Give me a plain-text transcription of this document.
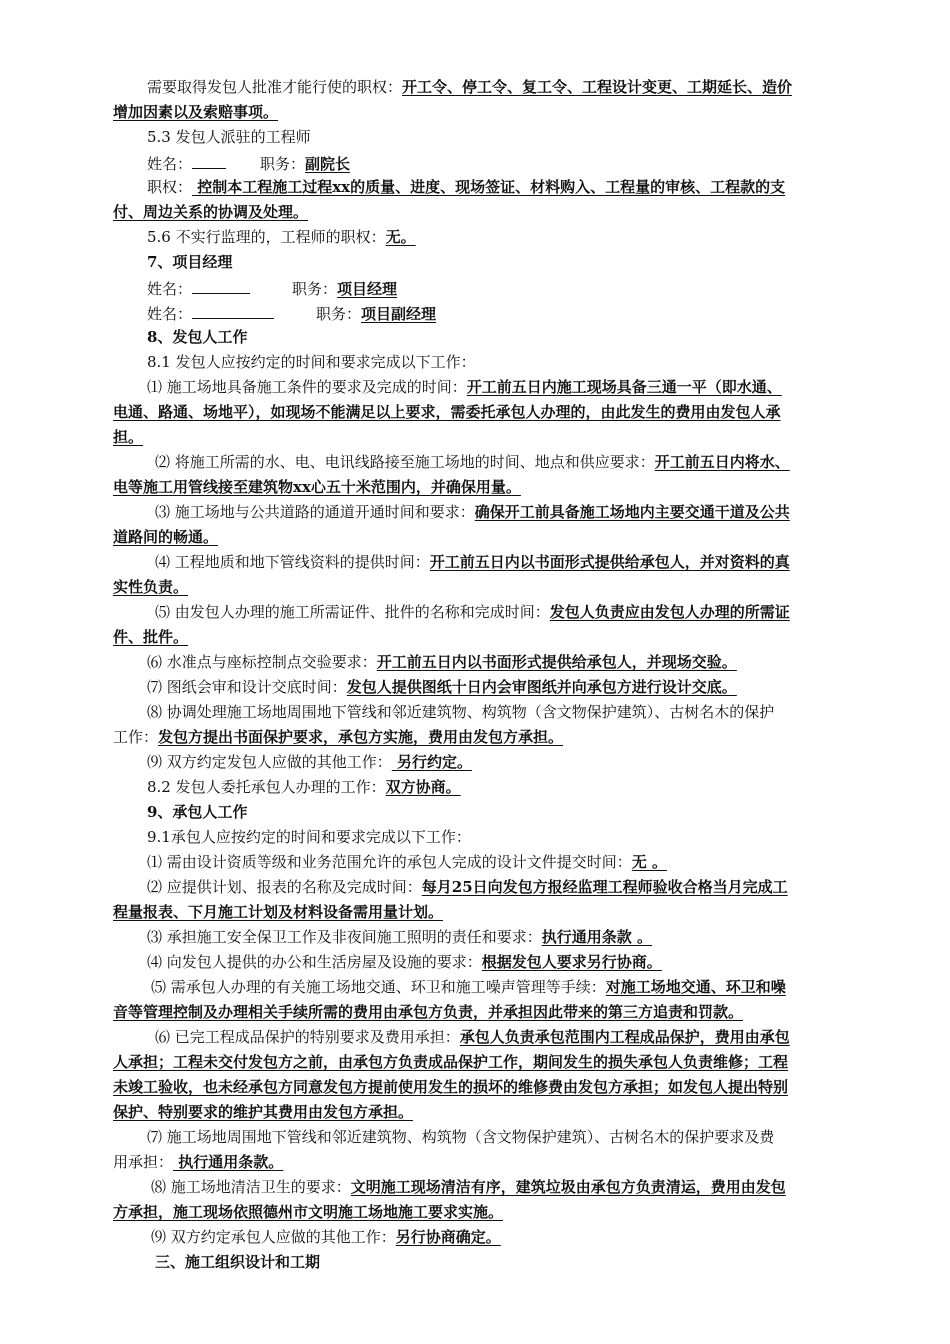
需要取得发包人批准才能行使的职权：开工令、停工令、复工令、工程设计变更、工期延长、造价
增加因素以及索赔事项。
5.3 发包人派驻的工程师
姓名：	职务：副院长
职权： 控制本工程施工过程xx的质量、进度、现场签证、材料购入、工程量的审核、工程款的支
付、周边关系的协调及处理。
5.6 不实行监理的，工程师的职权：无。
7、项目经理
姓名：	职务：项目经理
姓名：	职务：项目副经理
8、发包人工作
8.1 发包人应按约定的时间和要求完成以下工作：
⑴ 施工场地具备施工条件的要求及完成的时间：开工前五日内施工现场具备三通一平（即水通、
电通、路通、场地平），如现场不能满足以上要求，需委托承包人办理的，由此发生的费用由发包人承
担。
⑵ 将施工所需的水、电、电讯线路接至施工场地的时间、地点和供应要求：开工前五日内将水、
电等施工用管线接至建筑物xx心五十米范围内，并确保用量。
⑶ 施工场地与公共道路的通道开通时间和要求：确保开工前具备施工场地内主要交通干道及公共
道路间的畅通。
⑷ 工程地质和地下管线资料的提供时间：开工前五日内以书面形式提供给承包人，并对资料的真
实性负责。
⑸ 由发包人办理的施工所需证件、批件的名称和完成时间：发包人负责应由发包人办理的所需证
件、批件。
⑹ 水准点与座标控制点交验要求：开工前五日内以书面形式提供给承包人，并现场交验。
⑺ 图纸会审和设计交底时间：发包人提供图纸十日内会审图纸并向承包方进行设计交底。
⑻ 协调处理施工场地周围地下管线和邻近建筑物、构筑物（含文物保护建筑）、古树名木的保护
工作：发包方提出书面保护要求，承包方实施，费用由发包方承担。
⑼ 双方约定发包人应做的其他工作： 另行约定。
8.2 发包人委托承包人办理的工作：双方协商。
9、承包人工作
9.1承包人应按约定的时间和要求完成以下工作：
⑴ 需由设计资质等级和业务范围允许的承包人完成的设计文件提交时间：无 。
⑵ 应提供计划、报表的名称及完成时间：每月25日向发包方报经监理工程师验收合格当月完成工
程量报表、下月施工计划及材料设备需用量计划。
⑶ 承担施工安全保卫工作及非夜间施工照明的责任和要求：执行通用条款 。
⑷ 向发包人提供的办公和生活房屋及设施的要求：根据发包人要求另行协商。
⑸ 需承包人办理的有关施工场地交通、环卫和施工噪声管理等手续：对施工场地交通、环卫和噪
音等管理控制及办理相关手续所需的费用由承包方负责，并承担因此带来的第三方追责和罚款。
⑹ 已完工程成品保护的特别要求及费用承担：承包人负责承包范围内工程成品保护，费用由承包
人承担；工程未交付发包方之前，由承包方负责成品保护工作，期间发生的损失承包人负责维修；工程
未竣工验收，也未经承包方同意发包方提前使用发生的损坏的维修费由发包方承担；如发包人提出特别
保护、特别要求的维护其费用由发包方承担。
⑺ 施工场地周围地下管线和邻近建筑物、构筑物（含文物保护建筑）、古树名木的保护要求及费
用承担： 执行通用条款。
⑻ 施工场地清洁卫生的要求：文明施工现场清洁有序，建筑垃圾由承包方负责清运，费用由发包
方承担，施工现场依照德州市文明施工场地施工要求实施。
⑼ 双方约定承包人应做的其他工作：另行协商确定。
三、施工组织设计和工期
